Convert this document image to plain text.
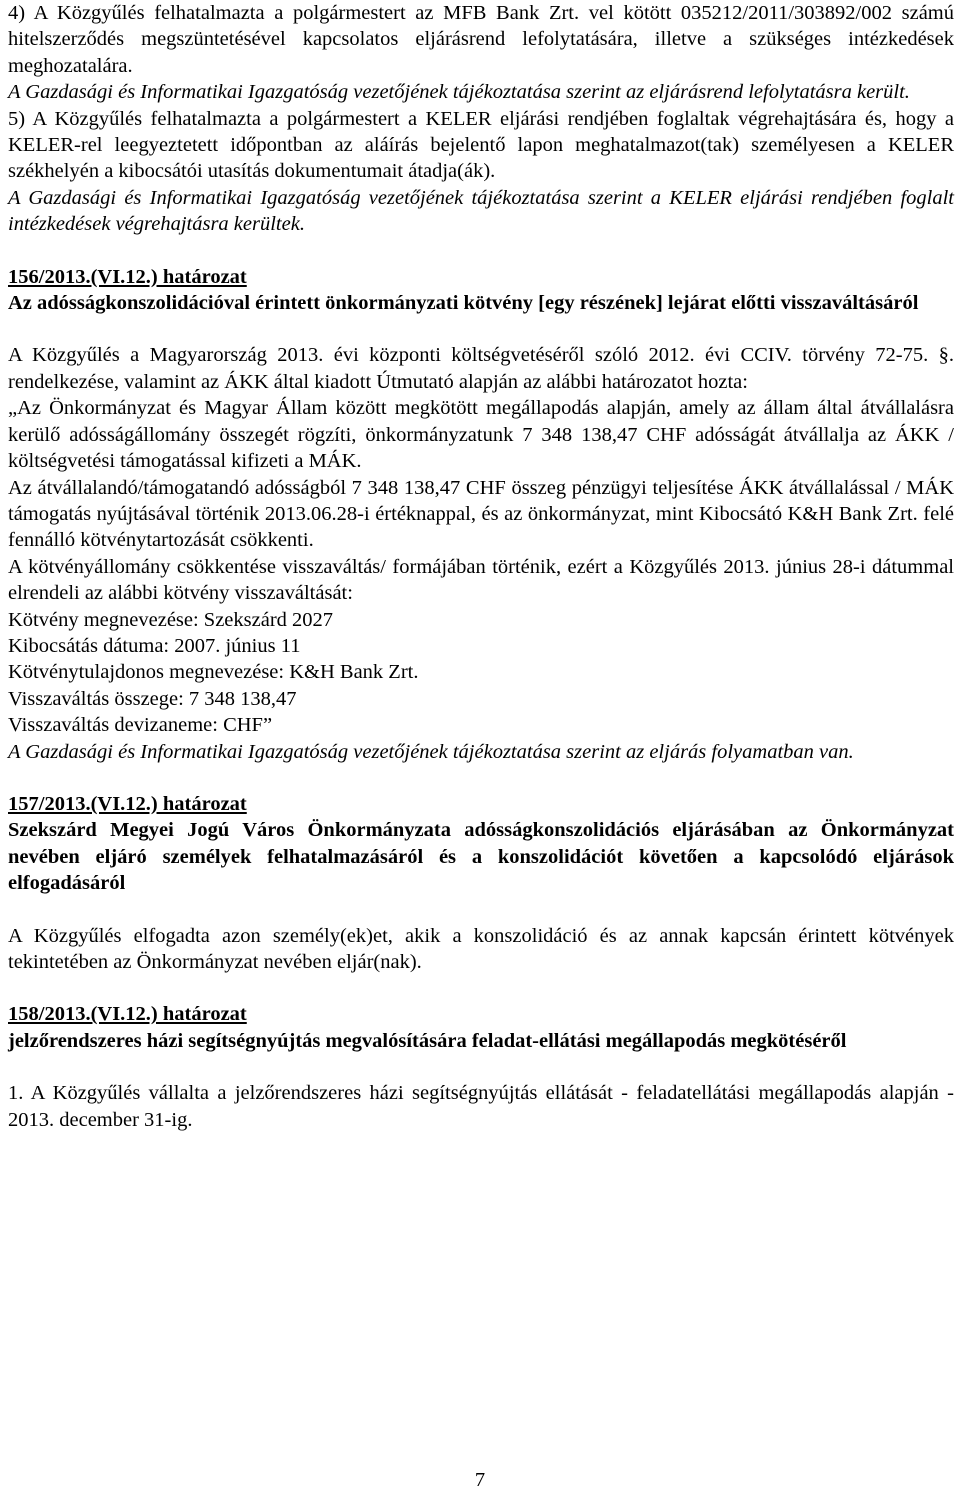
4) A Közgyűlés felhatalmazta a polgármestert az MFB Bank Zrt. vel kötött 035212/2011/303892/002 számú hitelszerződés megszüntetésével kapcsolatos eljárásrend lefolytatására, illetve a szükséges intézkedések meghozatalára.

A Gazdasági és Informatikai Igazgatóság vezetőjének tájékoztatása szerint az eljárásrend lefolytatásra került.

5) A Közgyűlés felhatalmazta a polgármestert a KELER eljárási rendjében foglaltak végrehajtására és, hogy a KELER-rel leegyeztetett időpontban az aláírás bejelentő lapon meghatalmazot(tak) személyesen a KELER székhelyén a kibocsátói utasítás dokumentumait átadja(ák).

A Gazdasági és Informatikai Igazgatóság vezetőjének tájékoztatása szerint a KELER eljárási rendjében foglalt intézkedések végrehajtásra kerültek.

156/2013.(VI.12.) határozat

Az adósságkonszolidációval érintett önkormányzati kötvény [egy részének] lejárat előtti visszaváltásáról

A Közgyűlés a Magyarország 2013. évi központi költségvetéséről szóló 2012. évi CCIV. törvény 72-75. §. rendelkezése, valamint az ÁKK által kiadott Útmutató alapján az alábbi határozatot hozta:

„Az Önkormányzat és Magyar Állam között megkötött megállapodás alapján, amely az állam által átvállalásra kerülő adósságállomány összegét rögzíti, önkormányzatunk 7 348 138,47 CHF adósságát átvállalja az ÁKK / költségvetési támogatással kifizeti a MÁK.

Az átvállalandó/támogatandó adósságból 7 348 138,47 CHF összeg pénzügyi teljesítése ÁKK átvállalással / MÁK támogatás nyújtásával történik 2013.06.28-i értéknappal, és az önkormányzat, mint Kibocsátó K&H Bank Zrt. felé fennálló kötvénytartozását csökkenti.

A kötvényállomány csökkentése visszaváltás/ formájában történik, ezért a Közgyűlés 2013. június 28-i dátummal elrendeli az alábbi kötvény visszaváltását:

Kötvény megnevezése: Szekszárd 2027

Kibocsátás dátuma: 2007. június 11

Kötvénytulajdonos megnevezése: K&H Bank Zrt.

Visszaváltás összege: 7 348 138,47

Visszaváltás devizaneme: CHF”

A Gazdasági és Informatikai Igazgatóság vezetőjének tájékoztatása szerint az eljárás folyamatban van.

157/2013.(VI.12.) határozat

Szekszárd Megyei Jogú Város Önkormányzata adósságkonszolidációs eljárásában az Önkormányzat nevében eljáró személyek felhatalmazásáról és a konszolidációt követően a kapcsolódó eljárások elfogadásáról

A Közgyűlés elfogadta azon személy(ek)et, akik a konszolidáció és az annak kapcsán érintett kötvények tekintetében az Önkormányzat nevében eljár(nak).

158/2013.(VI.12.) határozat

jelzőrendszeres házi segítségnyújtás megvalósítására feladat-ellátási megállapodás megkötéséről

1. A Közgyűlés vállalta a jelzőrendszeres házi segítségnyújtás ellátását - feladatellátási megállapodás alapján - 2013. december 31-ig.

7
